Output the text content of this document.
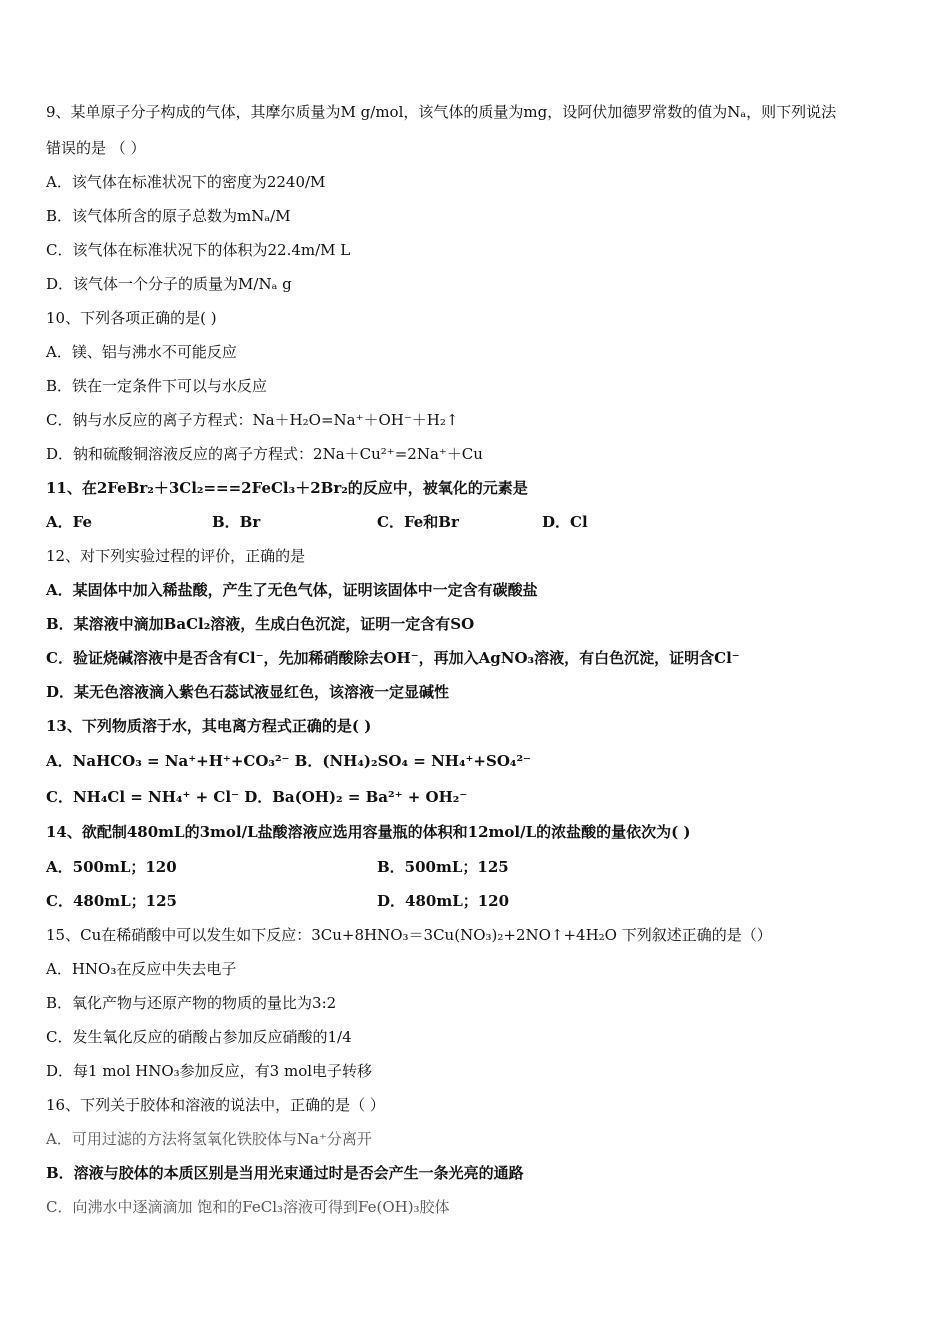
9、某单原子分子构成的气体，其摩尔质量为M g/mol，该气体的质量为mg，设阿伏加德罗常数的值为Nₐ，则下列说法
错误的是 （ ）
A．该气体在标准状况下的密度为2240/M
B．该气体所含的原子总数为mNₐ/M
C．该气体在标准状况下的体积为22.4m/M L
D．该气体一个分子的质量为M/Nₐ g
10、下列各项正确的是( )
A．镁、铝与沸水不可能反应
B．铁在一定条件下可以与水反应
C．钠与水反应的离子方程式：Na＋H₂O=Na⁺＋OH⁻＋H₂↑
D．钠和硫酸铜溶液反应的离子方程式：2Na＋Cu²⁺=2Na⁺＋Cu
11、在2FeBr₂＋3Cl₂===2FeCl₃＋2Br₂的反应中，被氧化的元素是
A．Fe	B．Br	C．Fe和Br	D．Cl
12、对下列实验过程的评价，正确的是
A．某固体中加入稀盐酸，产生了无色气体，证明该固体中一定含有碳酸盐
B．某溶液中滴加BaCl₂溶液，生成白色沉淀，证明一定含有SO
C．验证烧碱溶液中是否含有Cl⁻，先加稀硝酸除去OH⁻，再加入AgNO₃溶液，有白色沉淀，证明含Cl⁻
D．某无色溶液滴入紫色石蕊试液显红色，该溶液一定显碱性
13、下列物质溶于水，其电离方程式正确的是( )
A．NaHCO₃ = Na⁺+H⁺+CO₃²⁻ B．(NH₄)₂SO₄ = NH₄⁺+SO₄²⁻
C．NH₄Cl = NH₄⁺ + Cl⁻ D．Ba(OH)₂ = Ba²⁺ + OH₂⁻
14、欲配制480mL的3mol/L盐酸溶液应选用容量瓶的体积和12mol/L的浓盐酸的量依次为( )
A．500mL；120	B．500mL；125
C．480mL；125	D．480mL；120
15、Cu在稀硝酸中可以发生如下反应：3Cu+8HNO₃＝3Cu(NO₃)₂+2NO↑+4H₂O 下列叙述正确的是（）
A．HNO₃在反应中失去电子
B．氧化产物与还原产物的物质的量比为3:2
C．发生氧化反应的硝酸占参加反应硝酸的1/4
D．每1 mol HNO₃参加反应，有3 mol电子转移
16、下列关于胶体和溶液的说法中，正确的是（ ）
A．可用过滤的方法将氢氧化铁胶体与Na⁺分离开
B．溶液与胶体的本质区别是当用光束通过时是否会产生一条光亮的通路
C．向沸水中逐滴滴加 饱和的FeCl₃溶液可得到Fe(OH)₃胶体
